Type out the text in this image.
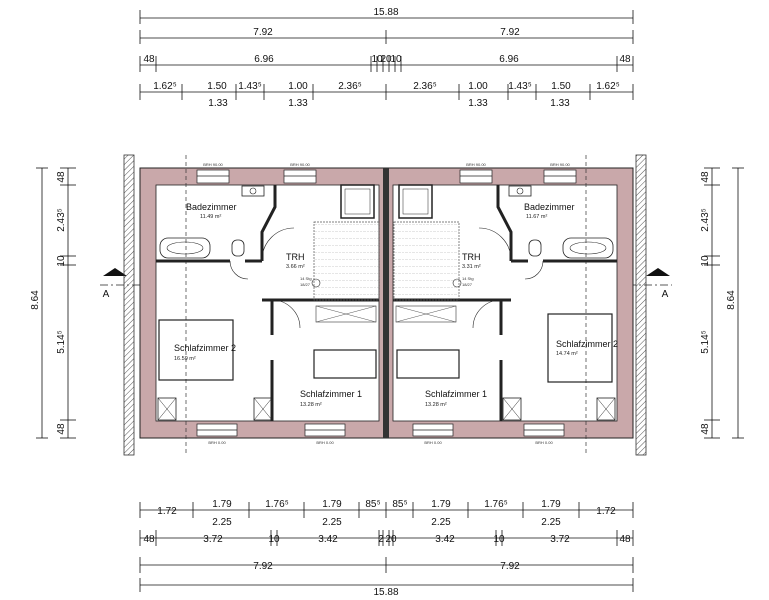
15.88
7.92	7.92
48	6.96	10
20
10	6.96	48
1.62⁵	1.50 1.43⁵	1.00	2.36⁵	2.36⁵	1.00 1.43⁵ 1.50	1.62⁵
1.33	1.33	1.33	1.33
8.64
48
2.43⁵
10
5.14⁵
48
48
2.43⁵
10
5.14⁵
48
8.64
A	A
BRH 90.00	BRH 90.00
BRH 0.00	BRH 0.00
Badezimmer
11.49 m²
TRH
3.66 m²
14 Stg
18/27
Schlafzimmer 2
16.59 m²
Schlafzimmer 1
13.28 m²
BRH 90.00	BRH 90.00
BRH 0.00	BRH 0.00
Badezimmer
11.67 m²
TRH
3.31 m²
14 Stg
18/27
Schlafzimmer 2
14.74 m²
Schlafzimmer 1
13.28 m²
1.72
1.79	1.76⁵	1.79 85⁵ 85⁵ 1.79	1.76⁵	1.79
1.72
2.25	2.25	2.25	2.25
48	3.72	10	3.42	2 20	3.42	10	3.72	48
7.92	7.92
15.88
